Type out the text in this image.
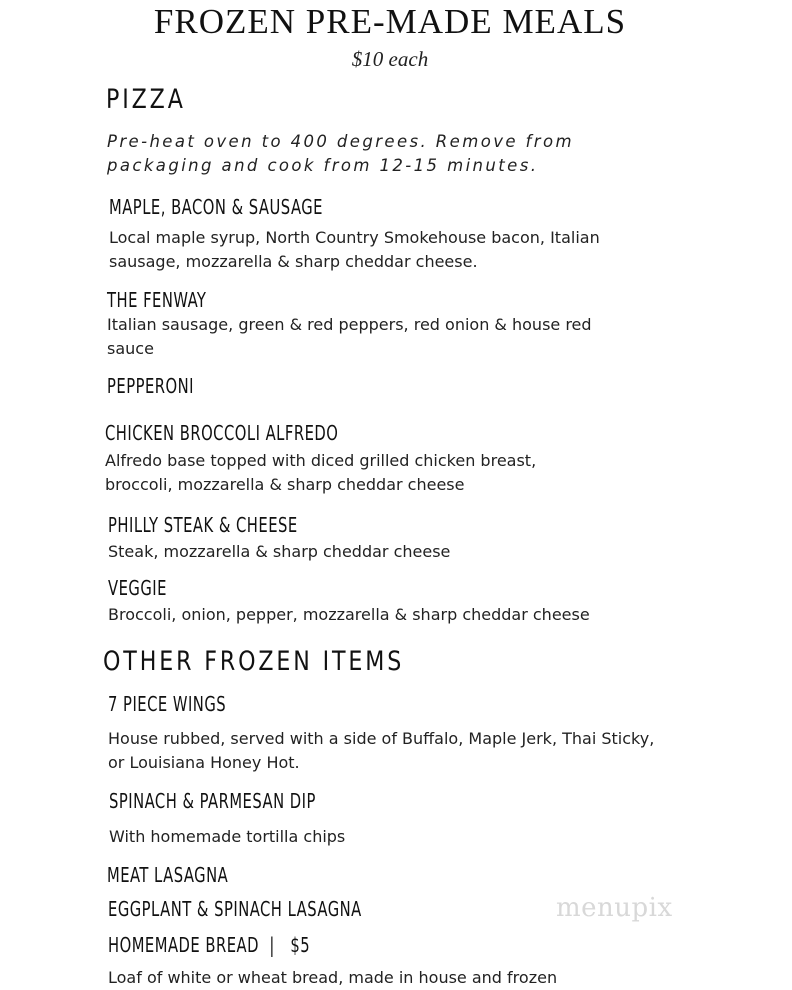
FROZEN PRE-MADE MEALS
$10 each
PIZZA
Pre-heat oven to 400 degrees. Remove from
packaging and cook from 12-15 minutes.
MAPLE, BACON & SAUSAGE
Local maple syrup, North Country Smokehouse bacon, Italian
sausage, mozzarella & sharp cheddar cheese.
THE FENWAY
Italian sausage, green & red peppers, red onion & house red
sauce
PEPPERONI
CHICKEN BROCCOLI ALFREDO
Alfredo base topped with diced grilled chicken breast,
broccoli, mozzarella & sharp cheddar cheese
PHILLY STEAK & CHEESE
Steak, mozzarella & sharp cheddar cheese
VEGGIE
Broccoli, onion, pepper, mozzarella & sharp cheddar cheese
OTHER FROZEN ITEMS
7 PIECE WINGS
House rubbed, served with a side of Buffalo, Maple Jerk, Thai Sticky,
or Louisiana Honey Hot.
SPINACH & PARMESAN DIP
With homemade tortilla chips
MEAT LASAGNA
EGGPLANT & SPINACH LASAGNA
HOMEMADE BREAD  |   $5
Loaf of white or wheat bread, made in house and frozen
menupix
